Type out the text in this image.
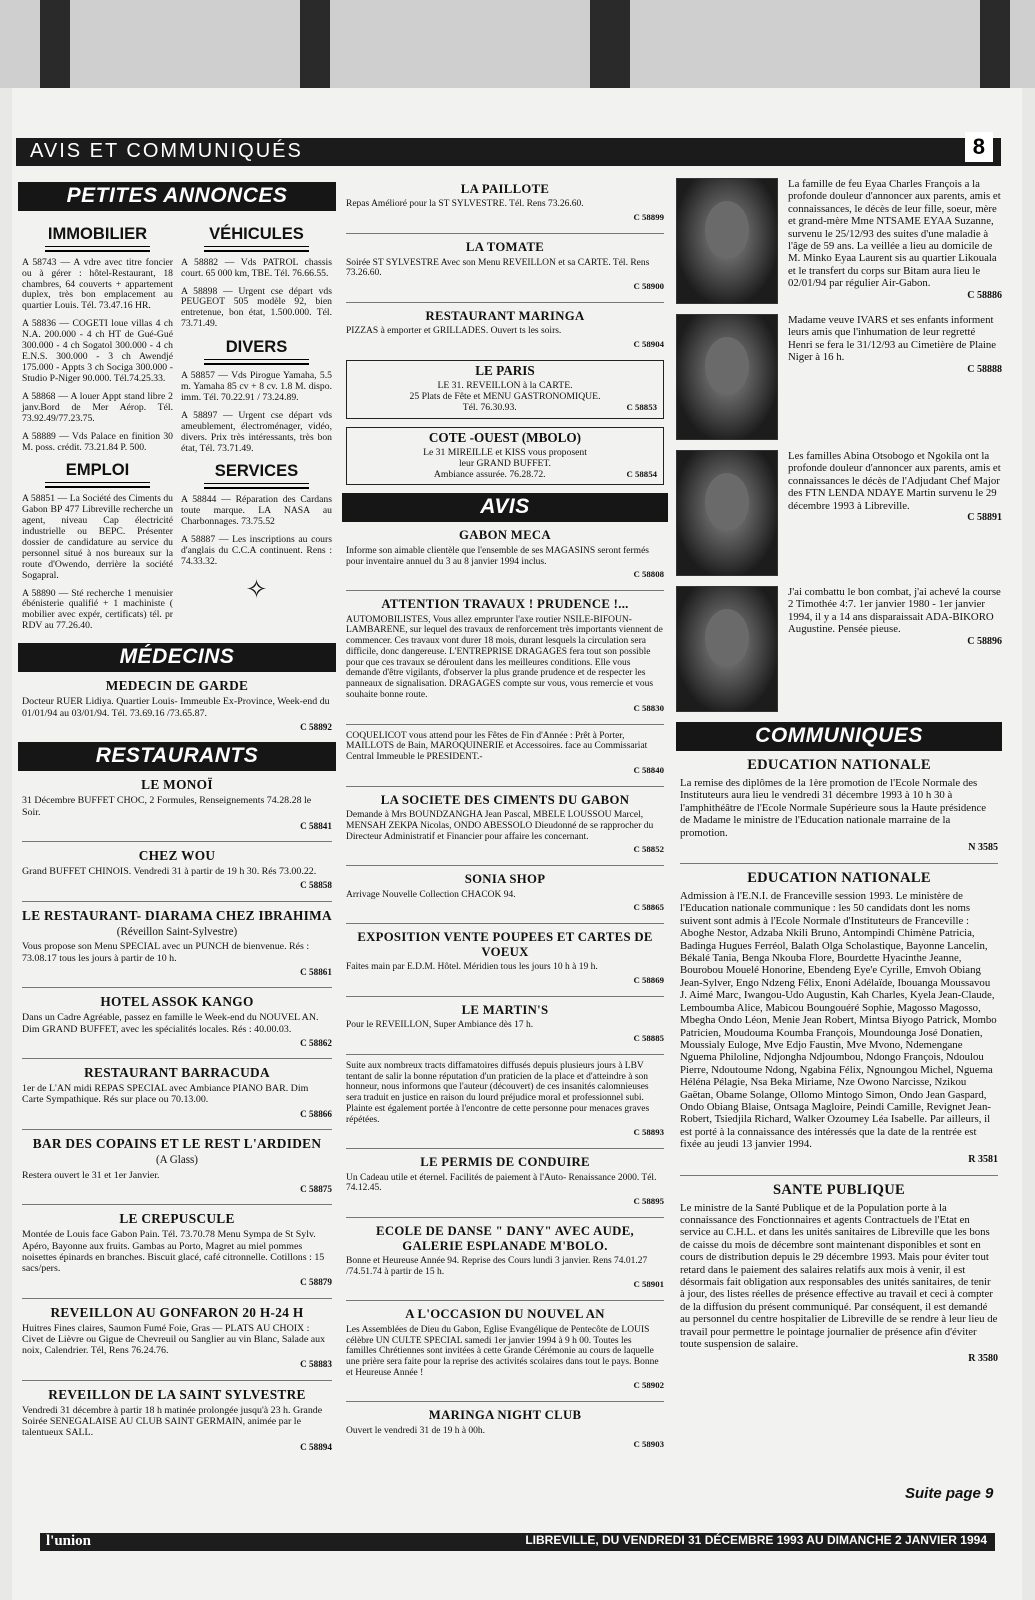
AVIS ET COMMUNIQUÉS	8
PETITES ANNONCES
IMMOBILIER

A 58743 — A vdre avec titre foncier ou à gérer : hôtel-Restaurant, 18 chambres, 64 couverts + appartement duplex, très bon emplacement au quartier Louis. Tél. 73.47.16 HR.

A 58836 — COGETI loue villas 4 ch N.A. 200.000 - 4 ch HT de Gué-Gué 300.000 - 4 ch Sogatol 300.000 - 4 ch E.N.S. 300.000 - 3 ch Awendjé 175.000 - Appts 3 ch Sociga 300.000 - Studio P-Niger 90.000. Tél.74.25.33.

A 58868 — A louer Appt stand libre 2 janv.Bord de Mer Aérop. Tél. 73.92.49/77.23.75.

A 58889 — Vds Palace en finition 30 M. poss. crédit. 73.21.84 P. 500.

EMPLOI

A 58851 — La Société des Ciments du Gabon BP 477 Libreville recherche un agent, niveau Cap électricité industrielle ou BEPC. Présenter dossier de candidature au service du personnel situé à nos bureaux sur la route d'Owendo, derrière la société Sogapral.

A 58890 — Sté recherche 1 menuisier ébénisterie qualifié + 1 machiniste ( mobilier avec expér, certificats) tél. pr RDV au 77.26.40.

VÉHICULES

A 58882 — Vds PATROL chassis court. 65 000 km, TBE. Tél. 76.66.55.

A 58898 — Urgent cse départ vds PEUGEOT 505 modèle 92, bien entretenue, bon état, 1.500.000. Tél. 73.71.49.

DIVERS

A 58857 — Vds Pirogue Yamaha, 5.5 m. Yamaha 85 cv + 8 cv. 1.8 M. dispo. imm. Tél. 70.22.91 / 73.24.89.

A 58897 — Urgent cse départ vds ameublement, électroménager, vidéo, divers. Prix très intéressants, très bon état, Tél. 73.71.49.

SERVICES

A 58844 — Réparation des Cardans toute marque. LA NASA au Charbonnages. 73.75.52

A 58887 — Les inscriptions au cours d'anglais du C.C.A continuent. Rens : 74.33.32.

✧
MÉDECINS
MEDECIN DE GARDE

Docteur RUER Lidiya. Quartier Louis- Immeuble Ex-Province, Week-end du 01/01/94 au 03/01/94. Tél. 73.69.16 /73.65.87.

C 58892
RESTAURANTS
LE MONOÏ

31 Décembre BUFFET CHOC, 2 Formules, Renseignements 74.28.28 le Soir.

C 58841
CHEZ WOU

Grand BUFFET CHINOIS. Vendredi 31 à partir de 19 h 30. Rés 73.00.22.

C 58858
LE RESTAURANT- DIARAMA CHEZ IBRAHIMA
(Réveillon Saint-Sylvestre)

Vous propose son Menu SPECIAL avec un PUNCH de bienvenue. Rés : 73.08.17 tous les jours à partir de 10 h.

C 58861
HOTEL ASSOK KANGO

Dans un Cadre Agréable, passez en famille le Week-end du NOUVEL AN. Dim GRAND BUFFET, avec les spécialités locales. Rés : 40.00.03.

C 58862
RESTAURANT BARRACUDA

1er de L'AN midi REPAS SPECIAL avec Ambiance PIANO BAR. Dim Carte Sympathique. Rés sur place ou 70.13.00.

C 58866
BAR DES COPAINS ET LE REST L'ARDIDEN
(A Glass)

Restera ouvert le 31 et 1er Janvier.

C 58875
LE CREPUSCULE

Montée de Louis face Gabon Pain. Tél. 73.70.78 Menu Sympa de St Sylv. Apéro, Bayonne aux fruits. Gambas au Porto, Magret au miel pommes noisettes épinards en branches. Biscuit glacé, café citronnelle. Cotillons : 15 sacs/pers.

C 58879
REVEILLON AU GONFARON 20 H-24 H

Huitres Fines claires, Saumon Fumé Foie, Gras — PLATS AU CHOIX : Civet de Lièvre ou Gigue de Chevreuil ou Sanglier au vin Blanc, Salade aux noix, Calendrier. Tél, Rens 76.24.76.

C 58883
REVEILLON DE LA SAINT SYLVESTRE

Vendredi 31 décembre à partir 18 h matinée prolongée jusqu'à 23 h. Grande Soirée SENEGALAISE AU CLUB SAINT GERMAIN, animée par le talentueux SALL.

C 58894
LA PAILLOTE

Repas Amélioré pour la ST SYLVESTRE. Tél. Rens 73.26.60.

C 58899
LA TOMATE

Soirée ST SYLVESTRE Avec son Menu REVEILLON et sa CARTE. Tél. Rens 73.26.60.

C 58900
RESTAURANT MARINGA

PIZZAS à emporter et GRILLADES. Ouvert ts les soirs.

C 58904
LE PARIS

LE 31. REVEILLON à la CARTE.

25 Plats de Fête et MENU GASTRONOMIQUE.

Tél. 76.30.93.	C 58853

COTE -OUEST (MBOLO)

Le 31 MIREILLE et KISS vous proposent

leur GRAND BUFFET.

Ambiance assurée. 76.28.72.	C 58854

AVIS
GABON MECA

Informe son aimable clientèle que l'ensemble de ses MAGASINS seront fermés pour inventaire annuel du 3 au 8 janvier 1994 inclus.

C 58808
ATTENTION TRAVAUX ! PRUDENCE !...

AUTOMOBILISTES, Vous allez emprunter l'axe routier NSILE-BIFOUN-LAMBARENE, sur lequel des travaux de renforcement très importants viennent de commencer. Ces travaux vont durer 18 mois, durant lesquels la circulation sera difficile, donc dangereuse. L'ENTREPRISE DRAGAGES fera tout son possible pour que ces travaux se déroulent dans les meilleures conditions. Elle vous demande d'être vigilants, d'observer la plus grande prudence et de respecter les panneaux de signalisation. DRAGAGES compte sur vous, vous remercie et vous souhaite bonne route.

C 58830

COQUELICOT vous attend pour les Fêtes de Fin d'Année : Prêt à Porter, MAILLOTS de Bain, MAROQUINERIE et Accessoires. face au Commissariat Central Immeuble le PRESIDENT.-

C 58840
LA SOCIETE DES CIMENTS DU GABON

Demande à Mrs BOUNDZANGHA Jean Pascal, MBELE LOUSSOU Marcel, MENSAH ZEKPA Nicolas, ONDO ABESSOLO Dieudonné de se rapprocher du Directeur Administratif et Financier pour affaire les concernant.

C 58852
SONIA SHOP

Arrivage Nouvelle Collection CHACOK 94.

C 58865
EXPOSITION VENTE POUPEES ET CARTES DE VOEUX

Faites main par E.D.M. Hôtel. Méridien tous les jours 10 h à 19 h.

C 58869
LE MARTIN'S

Pour le REVEILLON, Super Ambiance dès 17 h.

C 58885

Suite aux nombreux tracts diffamatoires diffusés depuis plusieurs jours à LBV tentant de salir la bonne réputation d'un praticien de la place et d'atteindre à son honneur, nous informons que l'auteur (découvert) de ces insanités calomnieuses sera traduit en justice en raison du lourd préjudice moral et professionnel subi. Plainte est également portée à l'encontre de cette personne pour menaces graves répétées.

C 58893
LE PERMIS DE CONDUIRE

Un Cadeau utile et éternel. Facilités de paiement à l'Auto- Renaissance 2000. Tél. 74.12.45.

C 58895
ECOLE DE DANSE " DANY" AVEC AUDE, GALERIE ESPLANADE M'BOLO.

Bonne et Heureuse Année 94. Reprise des Cours lundi 3 janvier. Rens 74.01.27 /74.51.74 à partir de 15 h.

C 58901
A L'OCCASION DU NOUVEL AN

Les Assemblées de Dieu du Gabon, Eglise Evangélique de Pentecôte de LOUIS célèbre UN CULTE SPECIAL samedi 1er janvier 1994 à 9 h 00. Toutes les familles Chrétiennes sont invitées à cette Grande Cérémonie au cours de laquelle une prière sera faite pour la reprise des activités scolaires dans tout le pays. Bonne et Heureuse Année !

C 58902
MARINGA NIGHT CLUB

Ouvert le vendredi 31 de 19 h à 00h.

C 58903
La famille de feu Eyaa Charles François a la profonde douleur d'annoncer aux parents, amis et connaissances, le décès de leur fille, soeur, mère et grand-mère Mme NTSAME EYAA Suzanne, survenu le 25/12/93 des suites d'une maladie à l'âge de 59 ans. La veillée a lieu au domicile de M. Minko Eyaa Laurent sis au quartier Likouala et le transfert du corps sur Bitam aura lieu le 02/01/94 par régulier Air-Gabon.
C 58886
Madame veuve IVARS et ses enfants informent leurs amis que l'inhumation de leur regretté Henri se fera le 31/12/93 au Cimetière de Plaine Niger à 16 h.
C 58888
Les familles Abina Otsobogo et Ngokila ont la profonde douleur d'annoncer aux parents, amis et connaissances le décès de l'Adjudant Chef Major des FTN LENDA NDAYE Martin survenu le 29 décembre 1993 à Libreville.
C 58891
J'ai combattu le bon combat, j'ai achevé la course 2 Timothée 4:7. 1er janvier 1980 - 1er janvier 1994, il y a 14 ans disparaissait ADA-BIKORO Augustine. Pensée pieuse.
C 58896
COMMUNIQUES
EDUCATION NATIONALE

La remise des diplômes de la 1ère promotion de l'Ecole Normale des Instituteurs aura lieu le vendredi 31 décembre 1993 à 10 h 30 à l'amphithéâtre de l'Ecole Normale Supérieure sous la Haute présidence de Madame le ministre de l'Education nationale marraine de la promotion.

N 3585
EDUCATION NATIONALE

Admission à l'E.N.I. de Franceville session 1993. Le ministère de l'Education nationale communique : les 50 candidats dont les noms suivent sont admis à l'Ecole Normale d'Instituteurs de Franceville : Aboghe Nestor, Adzaba Nkili Bruno, Antompindi Chimène Patricia, Badinga Hugues Ferréol, Balath Olga Scholastique, Bayonne Lancelin, Békalé Tania, Benga Nkouba Flore, Bourdette Hyacinthe Jeanne, Bourobou Mouelé Honorine, Ebendeng Eye'e Cyrille, Emvoh Obiang Jean-Sylver, Engo Ndzeng Félix, Enoni Adélaïde, Ibouanga Moussavou J. Aimé Marc, Iwangou-Udo Augustin, Kah Charles, Kyela Jean-Claude, Lemboumba Alice, Mabicou Boungouéré Sophie, Magosso Magosso, Mbegha Ondo Léon, Menie Jean Robert, Mintsa Biyogo Patrick, Mombo Patricien, Moudouma Koumba François, Moundounga José Donatien, Moussialy Euloge, Mve Edjo Faustin, Mve Mvono, Ndemengane Nguema Philoline, Ndjongha Ndjoumbou, Ndongo François, Ndoulou Pierre, Ndoutoume Ndong, Ngabina Félix, Ngnoungou Michel, Nguema Héléna Pélagie, Nsa Beka Miriame, Nze Owono Narcisse, Nzikou Gaëtan, Obame Solange, Ollomo Mintogo Simon, Ondo Jean Gaspard, Ondo Obiang Blaise, Ontsaga Magloire, Peindi Camille, Revignet Jean-Robert, Tsiedjila Richard, Walker Ozoumey Léa Isabelle. Par ailleurs, il est porté à la connaissance des intéressés que la date de la rentrée est fixée au jeudi 13 janvier 1994.

R 3581
SANTE PUBLIQUE

Le ministre de la Santé Publique et de la Population porte à la connaissance des Fonctionnaires et agents Contractuels de l'Etat en service au C.H.L. et dans les unités sanitaires de Libreville que les bons de caisse du mois de décembre sont maintenant disponibles et sont en cours de distribution depuis le 29 décembre 1993. Mais pour éviter tout retard dans le paiement des salaires relatifs aux mois à venir, il est désormais fait obligation aux responsables des unités sanitaires, de tenir à jour, des listes réelles de présence effective au travail et ceci à compter de la diffusion du présent communiqué. Par conséquent, il est demandé au personnel du centre hospitalier de Libreville de se rendre à leur lieu de travail pour permettre le pointage journalier de présence afin d'éviter toute suspension de salaire.

R 3580
Suite page 9
l'union	LIBREVILLE, DU VENDREDI 31 DÉCEMBRE 1993 AU DIMANCHE 2 JANVIER 1994
